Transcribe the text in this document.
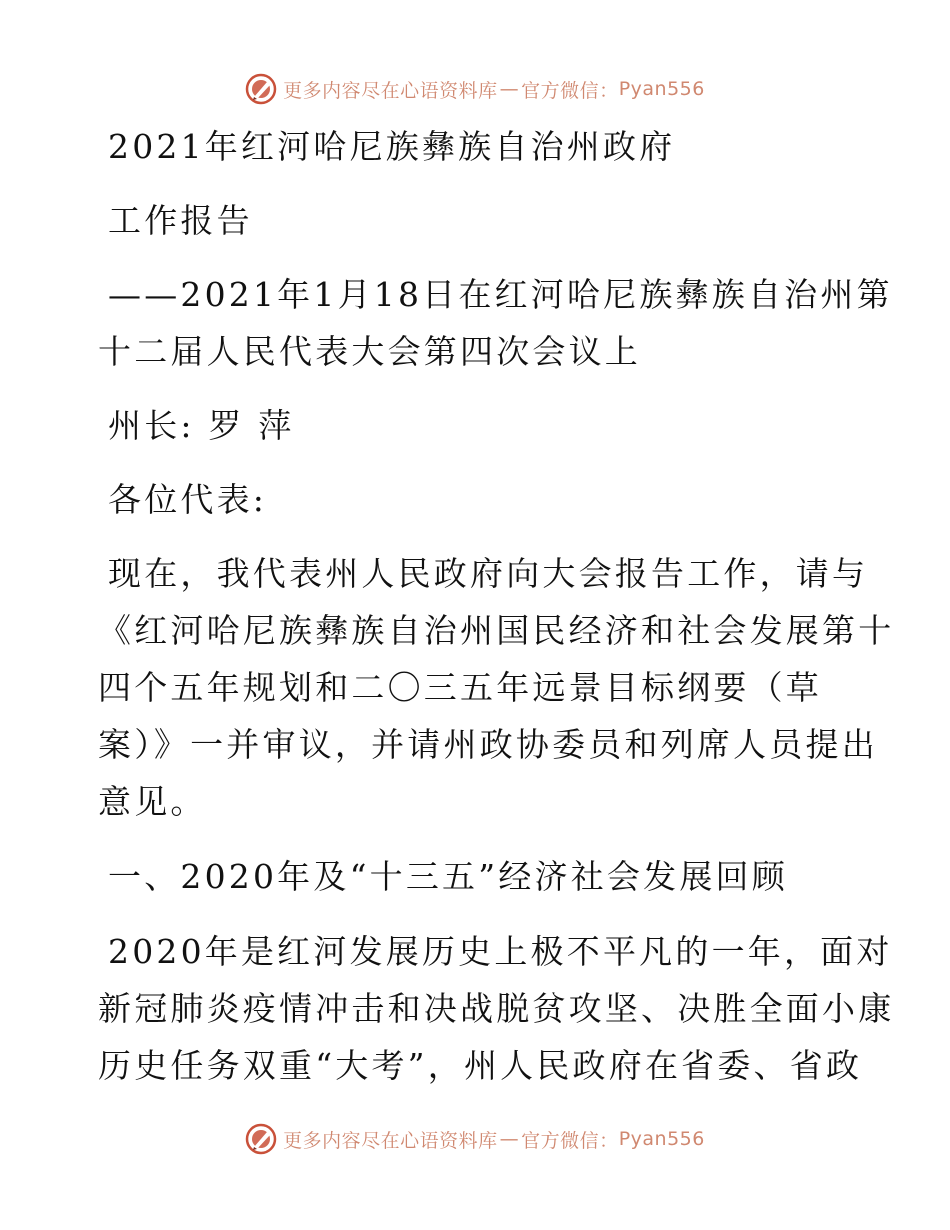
更多内容尽在心语资料库 — 官方微信： Pyan556

2021年红河哈尼族彝族自治州政府

工作报告

——2021年1月18日在红河哈尼族彝族自治州第

十二届人民代表大会第四次会议上

州长: 罗 萍

各位代表:

现在，我代表州人民政府向大会报告工作，请与

《红河哈尼族彝族自治州国民经济和社会发展第十

四个五年规划和二〇三五年远景目标纲要（草

案）》一并审议，并请州政协委员和列席人员提出

意见。

一、2020年及“十三五”经济社会发展回顾

2020年是红河发展历史上极不平凡的一年，面对

新冠肺炎疫情冲击和决战脱贫攻坚、决胜全面小康

历史任务双重“大考”，州人民政府在省委、省政

更多内容尽在心语资料库 — 官方微信： Pyan556
